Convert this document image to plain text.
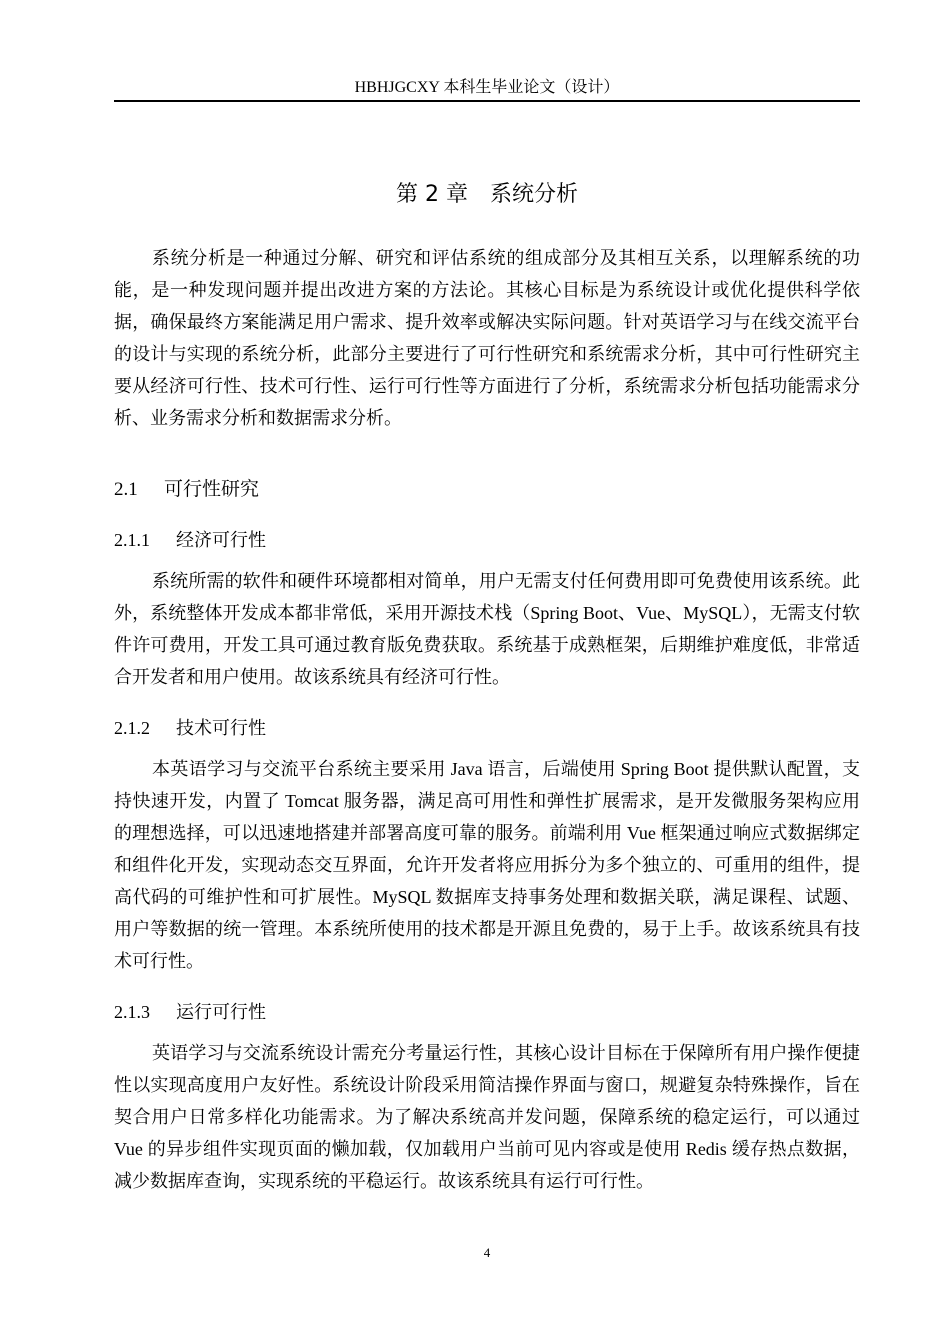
HBHJGCXY 本科生毕业论文（设计）
第 2 章 系统分析

系统分析是一种通过分解、研究和评估系统的组成部分及其相互关系，以理解系统的功能，是一种发现问题并提出改进方案的方法论。其核心目标是为系统设计或优化提供科学依据，确保最终方案能满足用户需求、提升效率或解决实际问题。针对英语学习与在线交流平台的设计与实现的系统分析，此部分主要进行了可行性研究和系统需求分析，其中可行性研究主要从经济可行性、技术可行性、运行可行性等方面进行了分析，系统需求分析包括功能需求分析、业务需求分析和数据需求分析。

2.1 可行性研究
2.1.1 经济可行性

系统所需的软件和硬件环境都相对简单，用户无需支付任何费用即可免费使用该系统。此外，系统整体开发成本都非常低，采用开源技术栈（Spring Boot、Vue、MySQL），无需支付软件许可费用，开发工具可通过教育版免费获取。系统基于成熟框架，后期维护难度低，非常适合开发者和用户使用。故该系统具有经济可行性。

2.1.2 技术可行性

本英语学习与交流平台系统主要采用 Java 语言，后端使用 Spring Boot 提供默认配置，支持快速开发，内置了 Tomcat 服务器，满足高可用性和弹性扩展需求，是开发微服务架构应用的理想选择，可以迅速地搭建并部署高度可靠的服务。前端利用 Vue 框架通过响应式数据绑定和组件化开发，实现动态交互界面，允许开发者将应用拆分为多个独立的、可重用的组件，提高代码的可维护性和可扩展性。MySQL 数据库支持事务处理和数据关联，满足课程、试题、用户等数据的统一管理。本系统所使用的技术都是开源且免费的，易于上手。故该系统具有技术可行性。

2.1.3 运行可行性

英语学习与交流系统设计需充分考量运行性，其核心设计目标在于保障所有用户操作便捷性以实现高度用户友好性。系统设计阶段采用简洁操作界面与窗口，规避复杂特殊操作，旨在契合用户日常多样化功能需求。为了解决系统高并发问题，保障系统的稳定运行，可以通过 Vue 的异步组件实现页面的懒加载，仅加载用户当前可见内容或是使用 Redis 缓存热点数据，减少数据库查询，实现系统的平稳运行。故该系统具有运行可行性。

4
